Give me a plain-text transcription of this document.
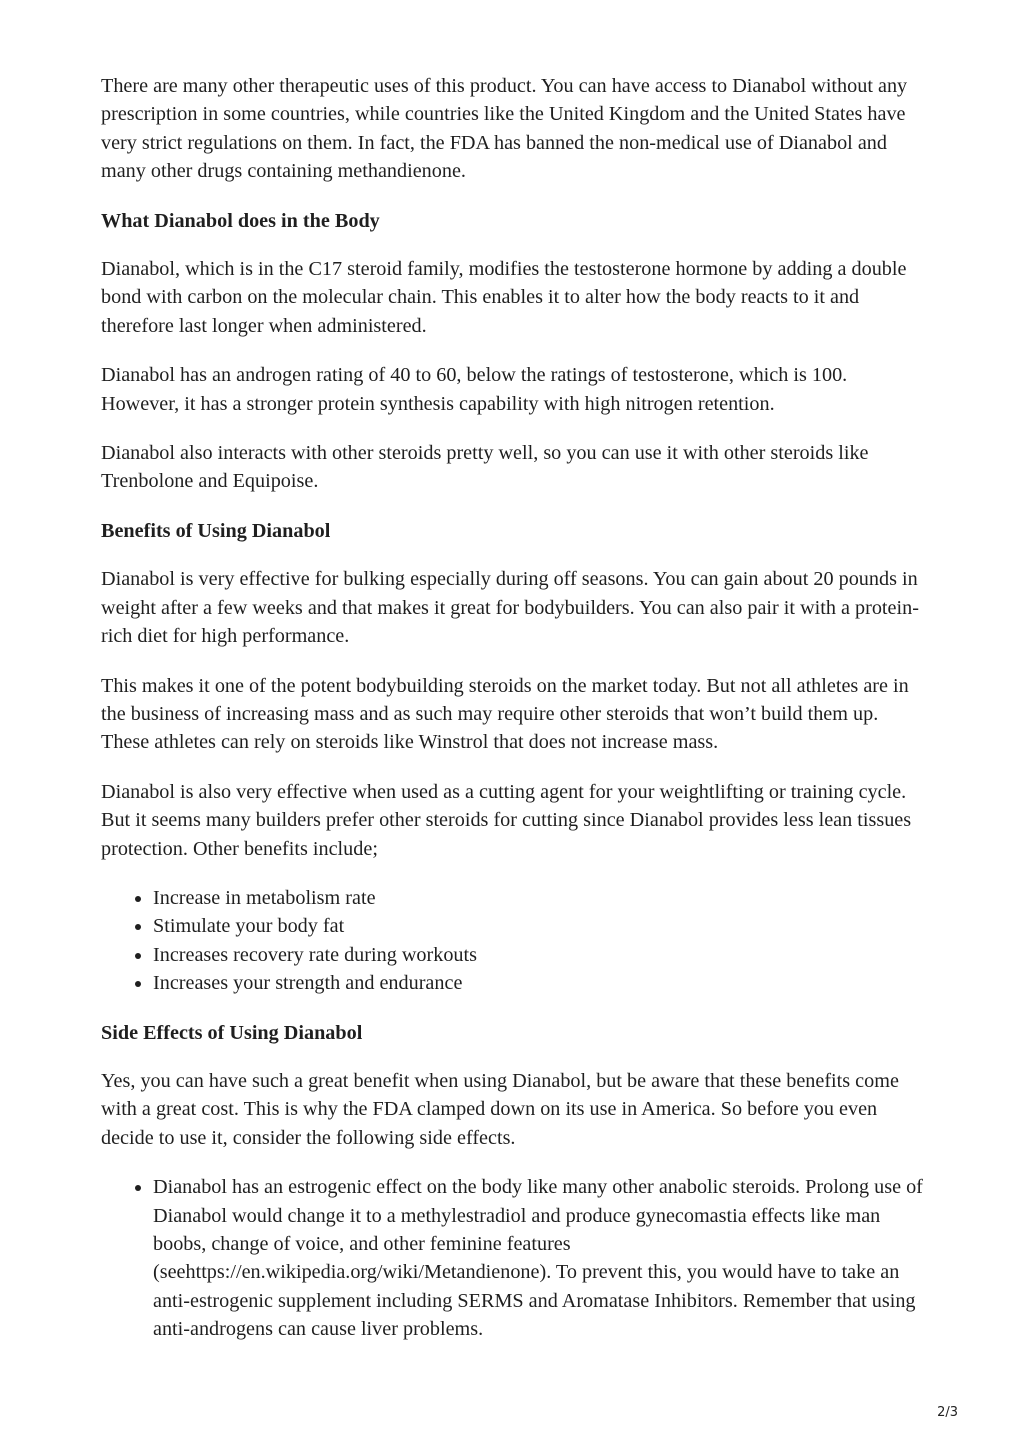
There are many other therapeutic uses of this product. You can have access to Dianabol without any prescription in some countries, while countries like the United Kingdom and the United States have very strict regulations on them. In fact, the FDA has banned the non-medical use of Dianabol and many other drugs containing methandienone.

What Dianabol does in the Body

Dianabol, which is in the C17 steroid family, modifies the testosterone hormone by adding a double bond with carbon on the molecular chain. This enables it to alter how the body reacts to it and therefore last longer when administered.

Dianabol has an androgen rating of 40 to 60, below the ratings of testosterone, which is 100. However, it has a stronger protein synthesis capability with high nitrogen retention.

Dianabol also interacts with other steroids pretty well, so you can use it with other steroids like Trenbolone and Equipoise.

Benefits of Using Dianabol

Dianabol is very effective for bulking especially during off seasons. You can gain about 20 pounds in weight after a few weeks and that makes it great for bodybuilders. You can also pair it with a protein-rich diet for high performance.

This makes it one of the potent bodybuilding steroids on the market today. But not all athletes are in the business of increasing mass and as such may require other steroids that won’t build them up. These athletes can rely on steroids like Winstrol that does not increase mass.

Dianabol is also very effective when used as a cutting agent for your weightlifting or training cycle. But it seems many builders prefer other steroids for cutting since Dianabol provides less lean tissues protection. Other benefits include;

• Increase in metabolism rate
• Stimulate your body fat
• Increases recovery rate during workouts
• Increases your strength and endurance
Side Effects of Using Dianabol

Yes, you can have such a great benefit when using Dianabol, but be aware that these benefits come with a great cost. This is why the FDA clamped down on its use in America. So before you even decide to use it, consider the following side effects.

• Dianabol has an estrogenic effect on the body like many other anabolic steroids. Prolong use of Dianabol would change it to a methylestradiol and produce gynecomastia effects like man boobs, change of voice, and other feminine features (seehttps://en.wikipedia.org/wiki/Metandienone). To prevent this, you would have to take an anti-estrogenic supplement including SERMS and Aromatase Inhibitors. Remember that using anti-androgens can cause liver problems.
2/3
